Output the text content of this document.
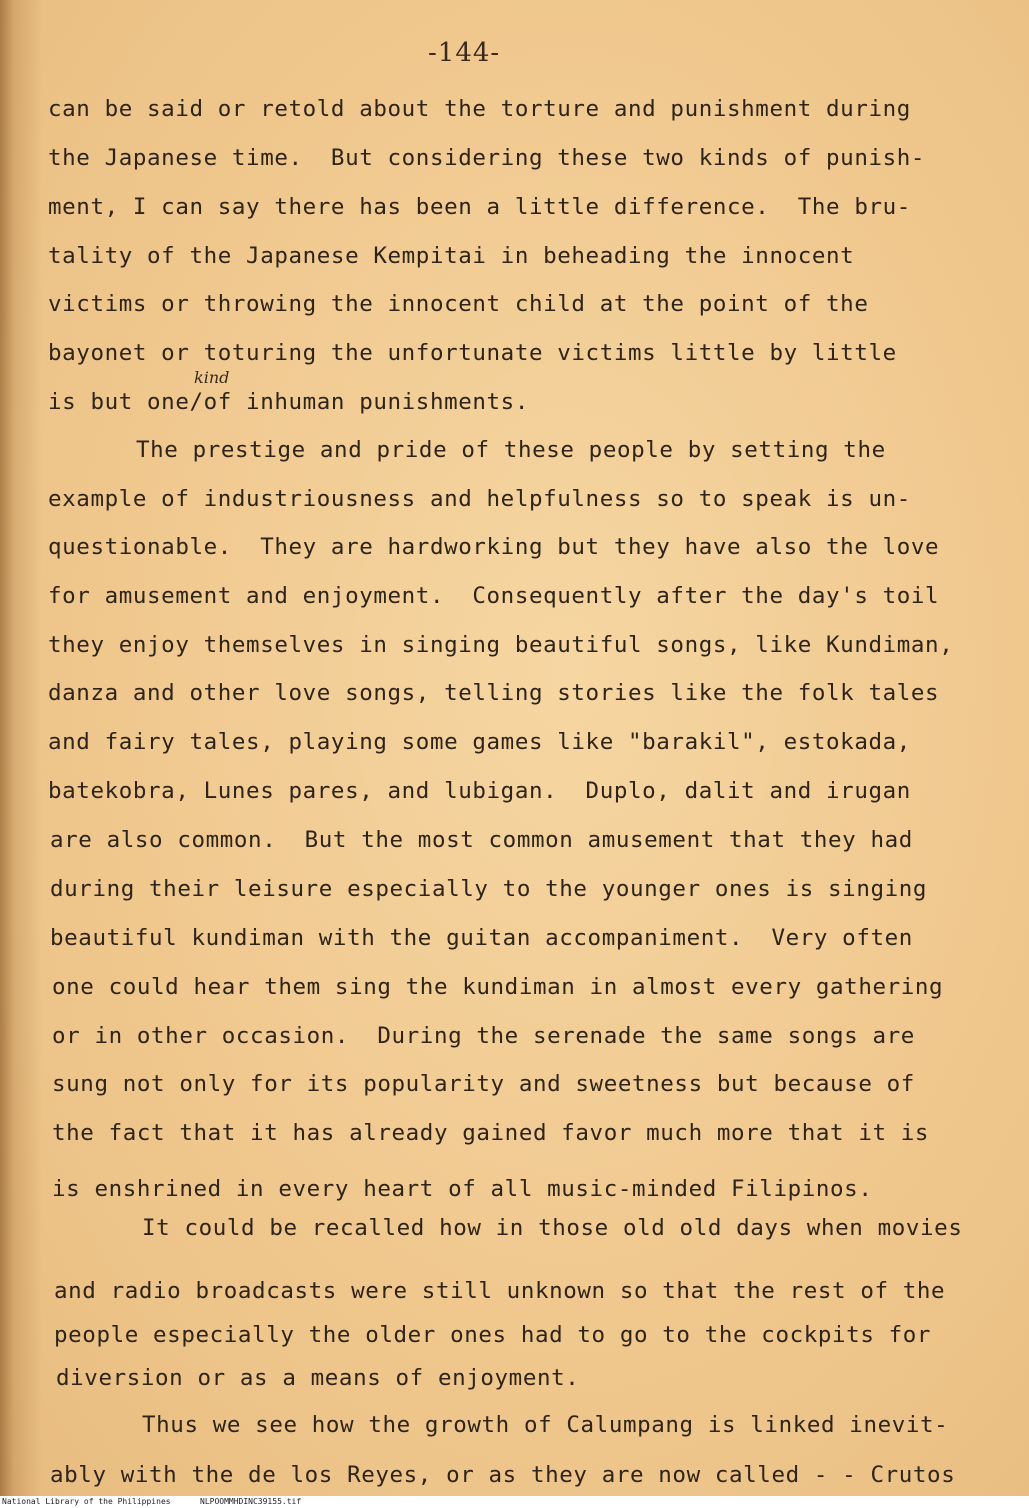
-144-
can be said or retold about the torture and punishment during
the Japanese time.  But considering these two kinds of punish-
ment, I can say there has been a little difference.  The bru-
tality of the Japanese Kempitai in beheading the innocent
victims or throwing the innocent child at the point of the
bayonet or toturing the unfortunate victims little by little
kind
is but one/of inhuman punishments.
The prestige and pride of these people by setting the
example of industriousness and helpfulness so to speak is un-
questionable.  They are hardworking but they have also the love
for amusement and enjoyment.  Consequently after the day's toil
they enjoy themselves in singing beautiful songs, like Kundiman,
danza and other love songs, telling stories like the folk tales
and fairy tales, playing some games like "barakil", estokada,
batekobra, Lunes pares, and lubigan.  Duplo, dalit and irugan
are also common.  But the most common amusement that they had
during their leisure especially to the younger ones is singing
beautiful kundiman with the guitan accompaniment.  Very often
one could hear them sing the kundiman in almost every gathering
or in other occasion.  During the serenade the same songs are
sung not only for its popularity and sweetness but because of
the fact that it has already gained favor much more that it is
is enshrined in every heart of all music-minded Filipinos.
It could be recalled how in those old old days when movies
and radio broadcasts were still unknown so that the rest of the
people especially the older ones had to go to the cockpits for
diversion or as a means of enjoyment.
Thus we see how the growth of Calumpang is linked inevit-
ably with the de los Reyes, or as they are now called - - Crutos
National Library of the Philippines	NLPOOMMHDINC39155.tif
